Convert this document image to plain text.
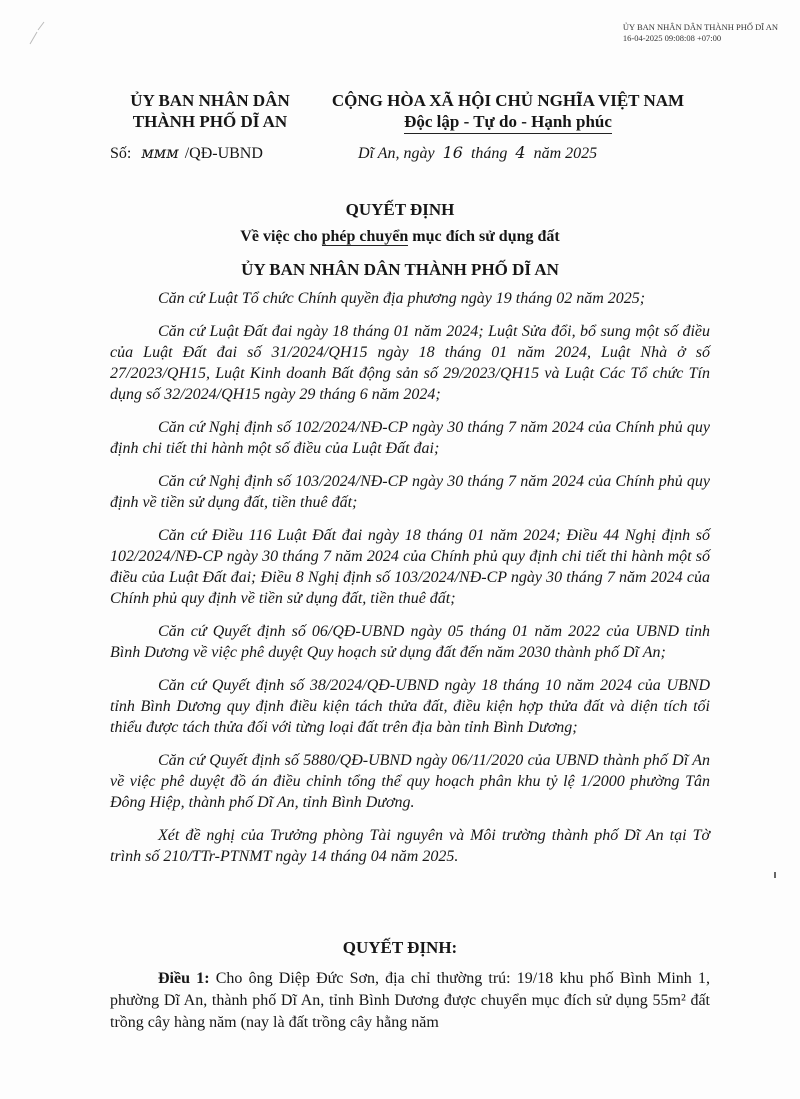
ỦY BAN NHÂN DÂN THÀNH PHỐ DĨ AN
16-04-2025 09:08:08 +07:00
ỦY BAN NHÂN DÂN
THÀNH PHỐ DĨ AN
CỘNG HÒA XÃ HỘI CHỦ NGHĨA VIỆT NAM
Độc lập - Tự do - Hạnh phúc
Số: ᴍᴍᴍ /QĐ-UBND	Dĩ An, ngày 16 tháng 4 năm 2025
QUYẾT ĐỊNH
Về việc cho phép chuyển mục đích sử dụng đất
ỦY BAN NHÂN DÂN THÀNH PHỐ DĨ AN

Căn cứ Luật Tổ chức Chính quyền địa phương ngày 19 tháng 02 năm 2025;

Căn cứ Luật Đất đai ngày 18 tháng 01 năm 2024; Luật Sửa đổi, bổ sung một số điều của Luật Đất đai số 31/2024/QH15 ngày 18 tháng 01 năm 2024, Luật Nhà ở số 27/2023/QH15, Luật Kinh doanh Bất động sản số 29/2023/QH15 và Luật Các Tổ chức Tín dụng số 32/2024/QH15 ngày 29 tháng 6 năm 2024;

Căn cứ Nghị định số 102/2024/NĐ-CP ngày 30 tháng 7 năm 2024 của Chính phủ quy định chi tiết thi hành một số điều của Luật Đất đai;

Căn cứ Nghị định số 103/2024/NĐ-CP ngày 30 tháng 7 năm 2024 của Chính phủ quy định về tiền sử dụng đất, tiền thuê đất;

Căn cứ Điều 116 Luật Đất đai ngày 18 tháng 01 năm 2024; Điều 44 Nghị định số 102/2024/NĐ-CP ngày 30 tháng 7 năm 2024 của Chính phủ quy định chi tiết thi hành một số điều của Luật Đất đai; Điều 8 Nghị định số 103/2024/NĐ-CP ngày 30 tháng 7 năm 2024 của Chính phủ quy định về tiền sử dụng đất, tiền thuê đất;

Căn cứ Quyết định số 06/QĐ-UBND ngày 05 tháng 01 năm 2022 của UBND tỉnh Bình Dương về việc phê duyệt Quy hoạch sử dụng đất đến năm 2030 thành phố Dĩ An;

Căn cứ Quyết định số 38/2024/QĐ-UBND ngày 18 tháng 10 năm 2024 của UBND tỉnh Bình Dương quy định điều kiện tách thửa đất, điều kiện hợp thửa đất và diện tích tối thiểu được tách thửa đối với từng loại đất trên địa bàn tỉnh Bình Dương;

Căn cứ Quyết định số 5880/QĐ-UBND ngày 06/11/2020 của UBND thành phố Dĩ An về việc phê duyệt đồ án điều chỉnh tổng thể quy hoạch phân khu tỷ lệ 1/2000 phường Tân Đông Hiệp, thành phố Dĩ An, tỉnh Bình Dương.

Xét đề nghị của Trưởng phòng Tài nguyên và Môi trường thành phố Dĩ An tại Tờ trình số 210/TTr-PTNMT ngày 14 tháng 04 năm 2025.

QUYẾT ĐỊNH:

Điều 1: Cho ông Diệp Đức Sơn, địa chỉ thường trú: 19/18 khu phố Bình Minh 1, phường Dĩ An, thành phố Dĩ An, tỉnh Bình Dương được chuyển mục đích sử dụng 55m² đất trồng cây hàng năm (nay là đất trồng cây hằng năm
